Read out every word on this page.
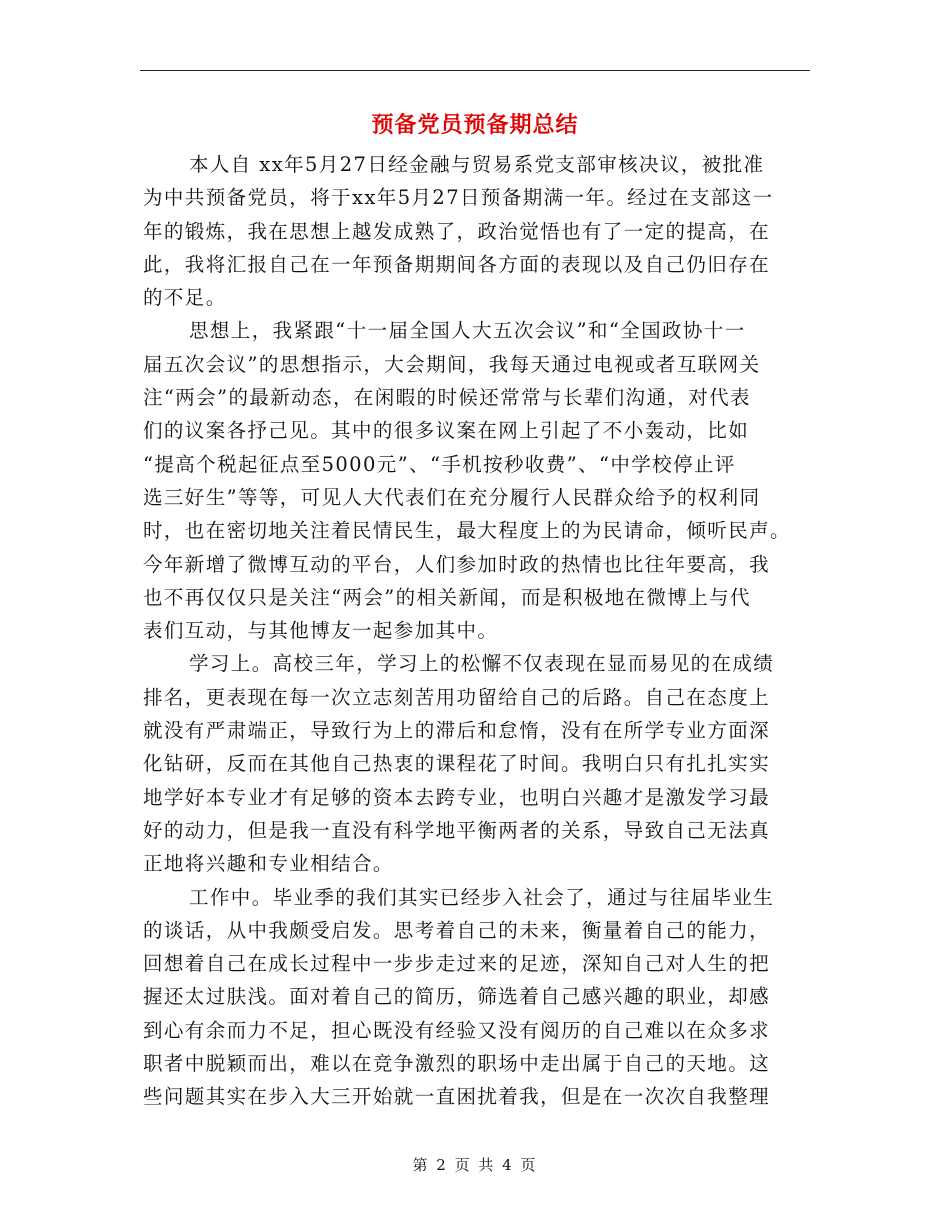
预备党员预备期总结
本人自 xx年5月27日经金融与贸易系党支部审核决议，被批准
为中共预备党员，将于xx年5月27日预备期满一年。经过在支部这一
年的锻炼，我在思想上越发成熟了，政治觉悟也有了一定的提高，在
此，我将汇报自己在一年预备期期间各方面的表现以及自己仍旧存在
的不足。
思想上，我紧跟“十一届全国人大五次会议”和“全国政协十一
届五次会议”的思想指示，大会期间，我每天通过电视或者互联网关
注“两会”的最新动态，在闲暇的时候还常常与长辈们沟通，对代表
们的议案各抒己见。其中的很多议案在网上引起了不小轰动，比如
“提高个税起征点至5000元”、“手机按秒收费”、“中学校停止评
选三好生”等等，可见人大代表们在充分履行人民群众给予的权利同
时，也在密切地关注着民情民生，最大程度上的为民请命，倾听民声。
今年新增了微博互动的平台，人们参加时政的热情也比往年要高，我
也不再仅仅只是关注“两会”的相关新闻，而是积极地在微博上与代
表们互动，与其他博友一起参加其中。
学习上。高校三年，学习上的松懈不仅表现在显而易见的在成绩
排名，更表现在每一次立志刻苦用功留给自己的后路。自己在态度上
就没有严肃端正，导致行为上的滞后和怠惰，没有在所学专业方面深
化钻研，反而在其他自己热衷的课程花了时间。我明白只有扎扎实实
地学好本专业才有足够的资本去跨专业，也明白兴趣才是激发学习最
好的动力，但是我一直没有科学地平衡两者的关系，导致自己无法真
正地将兴趣和专业相结合。
工作中。毕业季的我们其实已经步入社会了，通过与往届毕业生
的谈话，从中我颇受启发。思考着自己的未来，衡量着自己的能力，
回想着自己在成长过程中一步步走过来的足迹，深知自己对人生的把
握还太过肤浅。面对着自己的简历，筛选着自己感兴趣的职业，却感
到心有余而力不足，担心既没有经验又没有阅历的自己难以在众多求
职者中脱颖而出，难以在竞争激烈的职场中走出属于自己的天地。这
些问题其实在步入大三开始就一直困扰着我，但是在一次次自我整理
第 2 页 共 4 页
